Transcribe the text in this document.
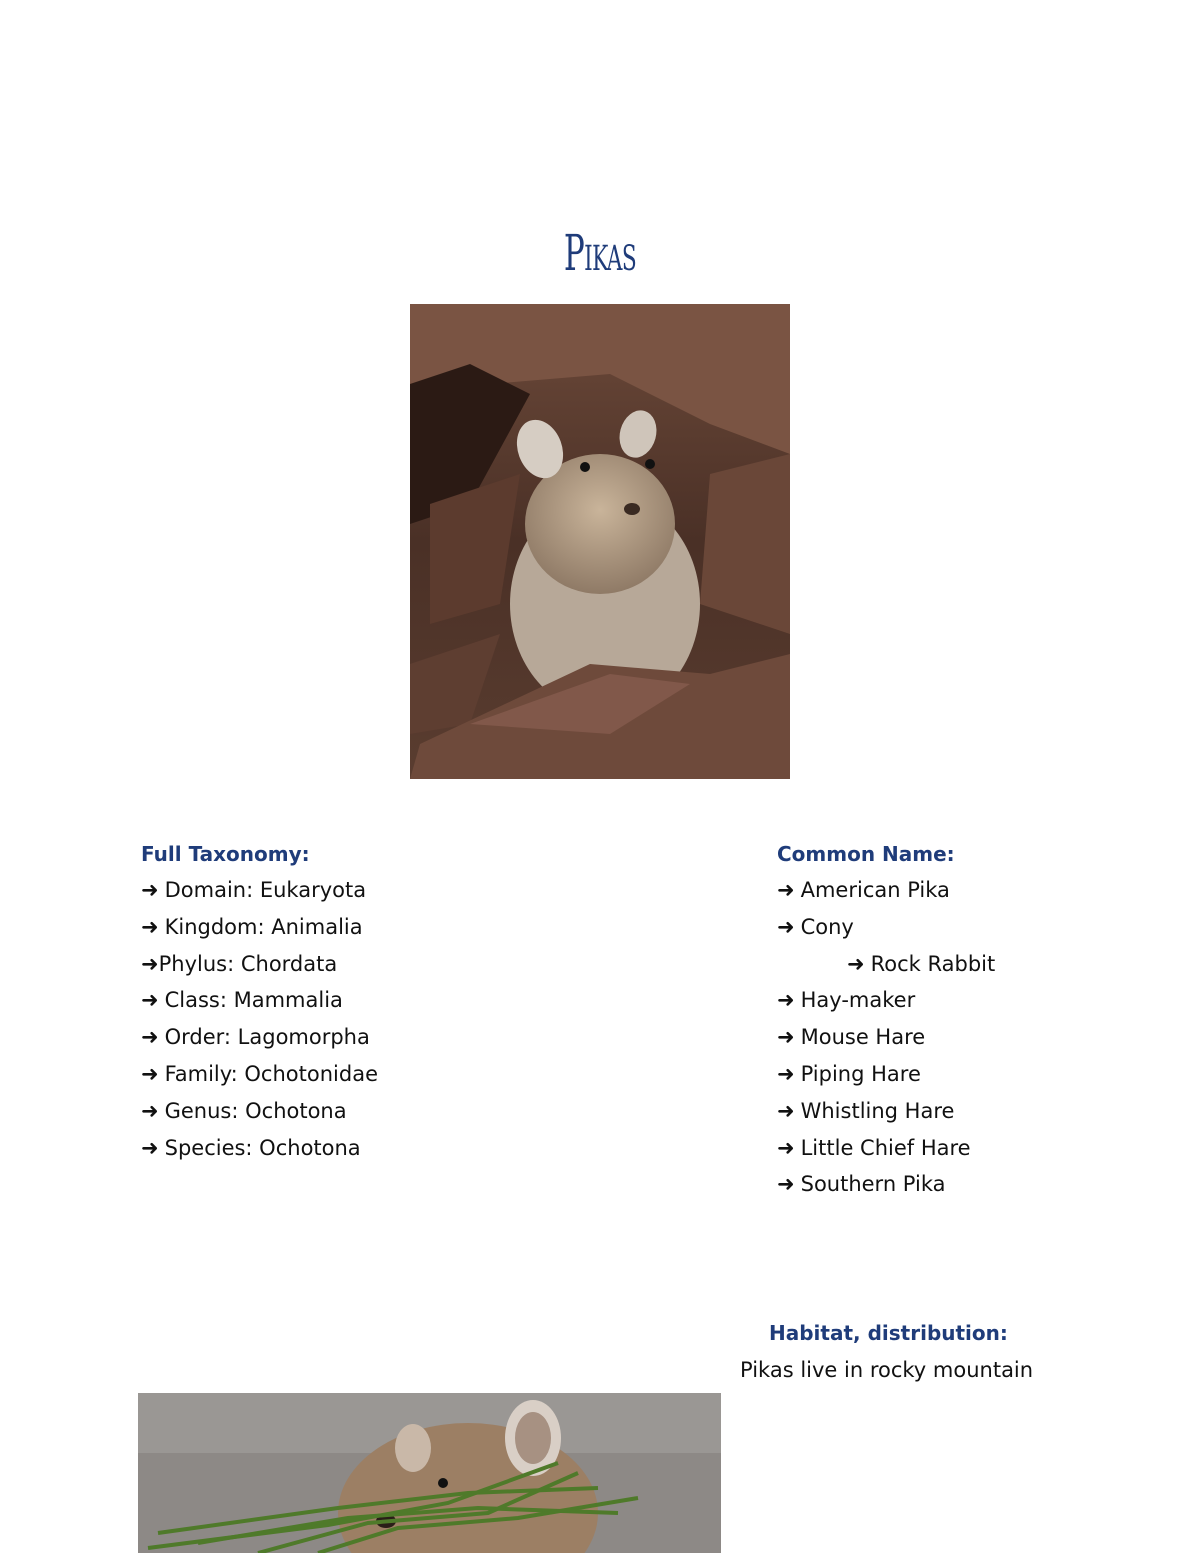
Pikas
Full Taxonomy:
➜ Domain: Eukaryota
➜ Kingdom: Animalia
➜Phylus: Chordata
➜ Class: Mammalia
➜ Order: Lagomorpha
➜ Family: Ochotonidae
➜ Genus: Ochotona
➜ Species: Ochotona
Common Name:
➜ American Pika
➜ Cony
➜ Rock Rabbit
➜ Hay-maker
➜ Mouse Hare
➜ Piping Hare
➜ Whistling Hare
➜ Little Chief Hare
➜ Southern Pika
Habitat, distribution:
Pikas live in rocky mountain
